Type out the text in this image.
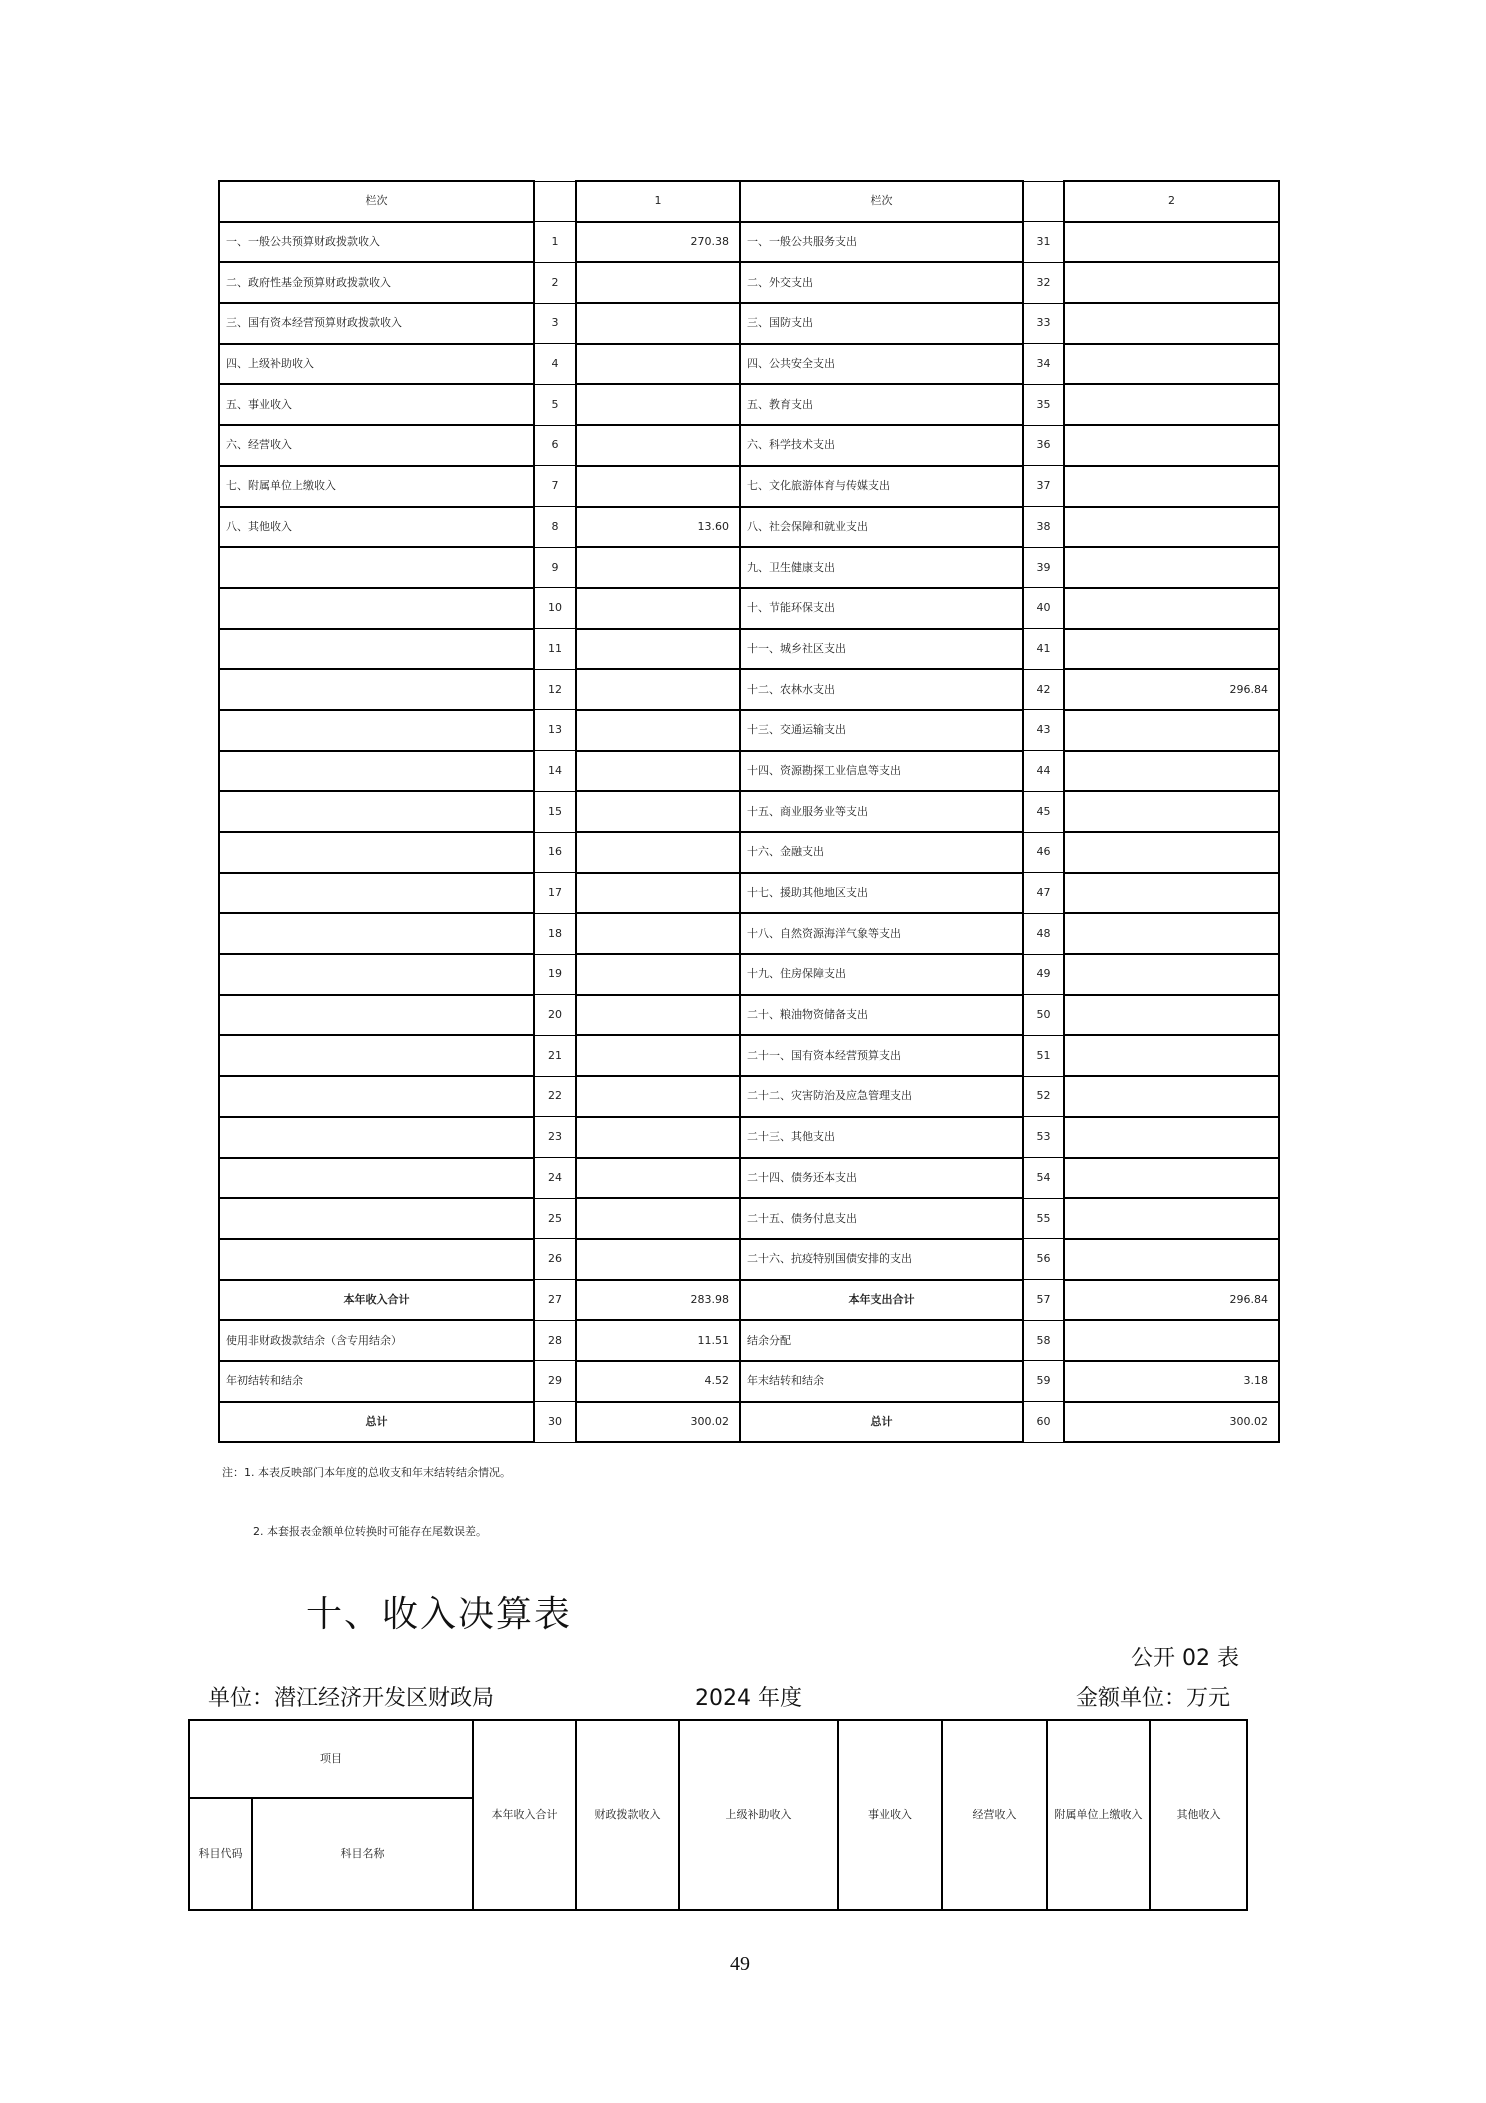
栏次		1	栏次		2
一、一般公共预算财政拨款收入	1	270.38	一、一般公共服务支出	31	
二、政府性基金预算财政拨款收入	2		二、外交支出	32	
三、国有资本经营预算财政拨款收入	3		三、国防支出	33	
四、上级补助收入	4		四、公共安全支出	34	
五、事业收入	5		五、教育支出	35	
六、经营收入	6		六、科学技术支出	36	
七、附属单位上缴收入	7		七、文化旅游体育与传媒支出	37	
八、其他收入	8	13.60	八、社会保障和就业支出	38	
	9		九、卫生健康支出	39	
	10		十、节能环保支出	40	
	11		十一、城乡社区支出	41	
	12		十二、农林水支出	42	296.84
	13		十三、交通运输支出	43	
	14		十四、资源勘探工业信息等支出	44	
	15		十五、商业服务业等支出	45	
	16		十六、金融支出	46	
	17		十七、援助其他地区支出	47	
	18		十八、自然资源海洋气象等支出	48	
	19		十九、住房保障支出	49	
	20		二十、粮油物资储备支出	50	
	21		二十一、国有资本经营预算支出	51	
	22		二十二、灾害防治及应急管理支出	52	
	23		二十三、其他支出	53	
	24		二十四、债务还本支出	54	
	25		二十五、债务付息支出	55	
	26		二十六、抗疫特别国债安排的支出	56	
本年收入合计	27	283.98	本年支出合计	57	296.84
使用非财政拨款结余（含专用结余）	28	11.51	结余分配	58	
年初结转和结余	29	4.52	年末结转和结余	59	3.18
总计	30	300.02	总计	60	300.02
注：1. 本表反映部门本年度的总收支和年末结转结余情况。
2. 本套报表金额单位转换时可能存在尾数误差。
十、收入决算表
公开 02 表
单位：潜江经济开发区财政局	2024 年度	金额单位：万元
项目		本年收入合计	财政拨款收入	上级补助收入	事业收入	经营收入	附属单位上缴收入	其他收入
科目代码	科目名称							
49
